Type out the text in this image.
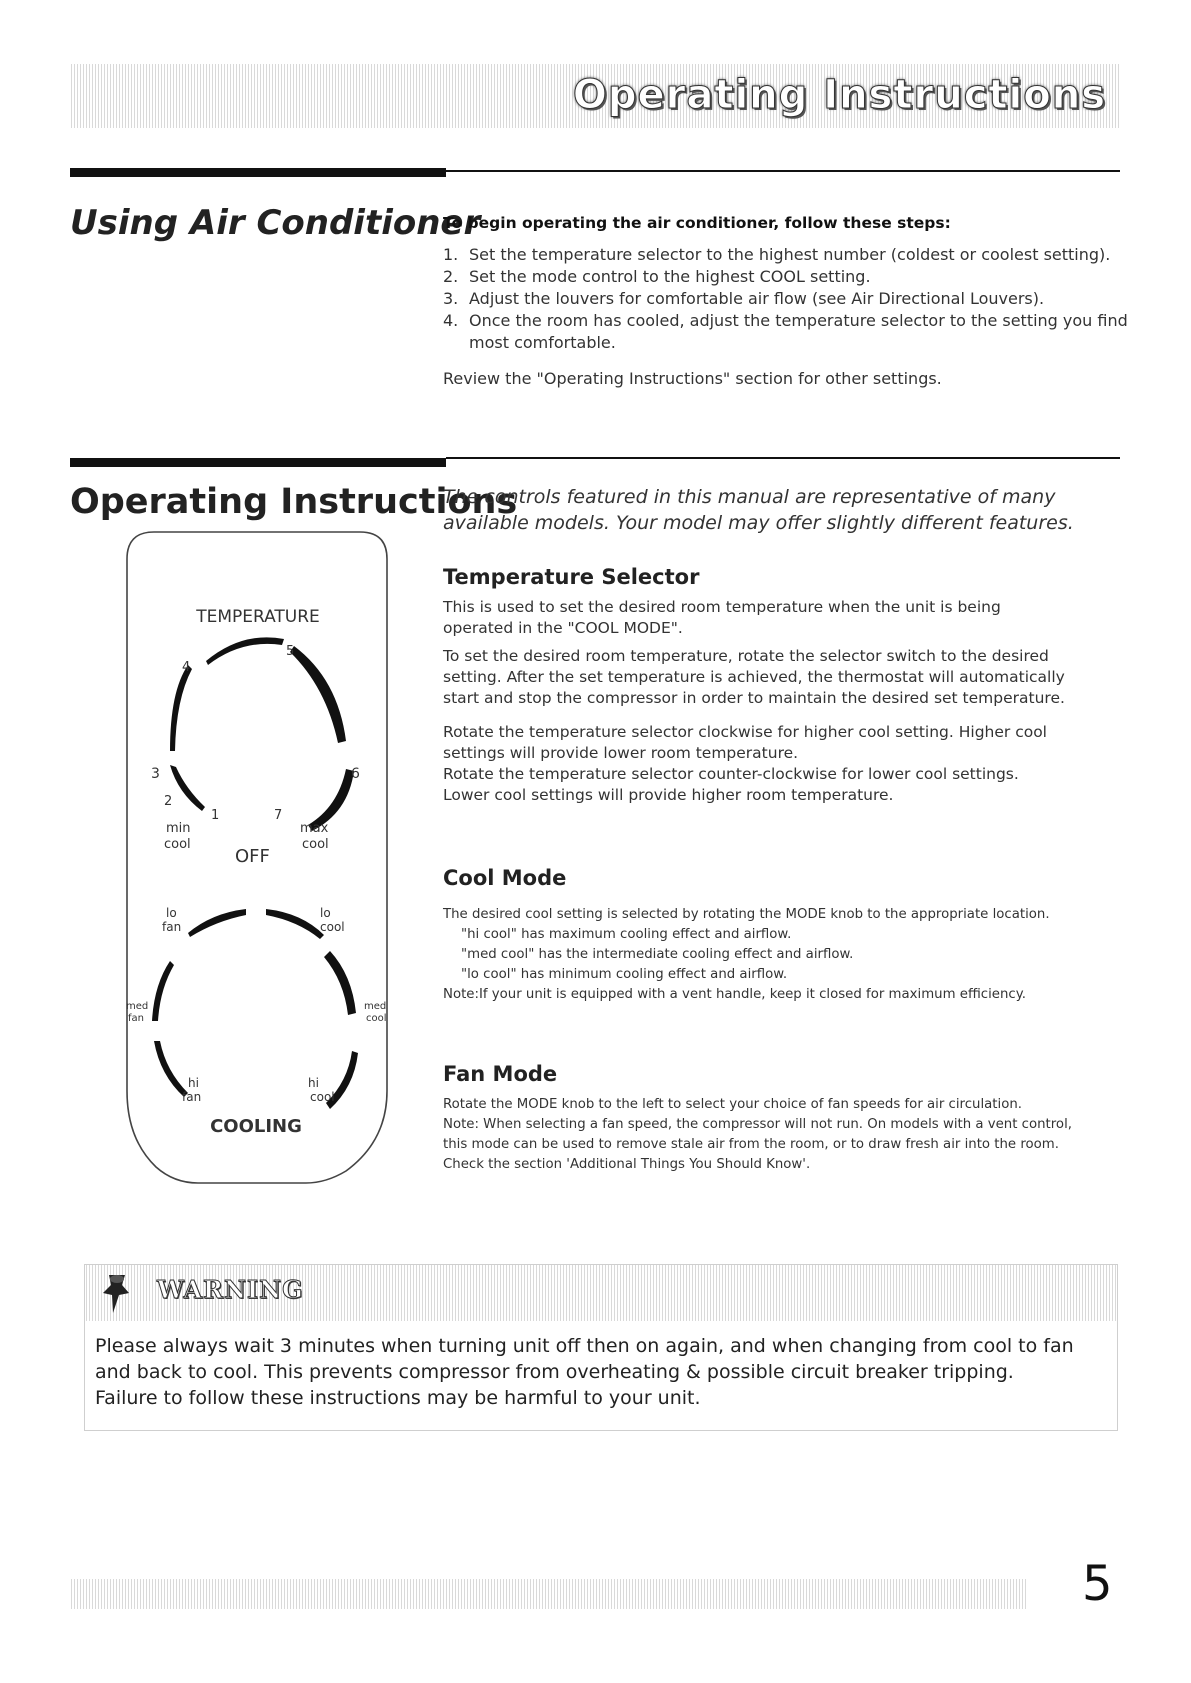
Operating Instructions
Using Air Conditioner
To begin operating the air conditioner, follow these steps:
1. Set the temperature selector to the highest number (coldest or coolest setting).
2. Set the mode control to the highest COOL setting.
3. Adjust the louvers for comfortable air flow (see Air Directional Louvers).
4. Once the room has cooled, adjust the temperature selector to the setting you find most comfortable.
Review the "Operating Instructions" section for other settings.
Operating Instructions
The controls featured in this manual are representative of many available models. Your model may offer slightly different features.
TEMPERATURE
1
2
3
4
5
6
7
min
cool
max
cool
OFF
lo
fan
lo
cool
med
fan
med
cool
hi
fan
hi
cool
COOLING
Temperature Selector

This is used to set the desired room temperature when the unit is being operated in the "COOL MODE".

To set the desired room temperature, rotate the selector switch to the desired setting. After the set temperature is achieved, the thermostat will automatically start and stop the compressor in order to maintain the desired set temperature.

Rotate the temperature selector clockwise for higher cool setting. Higher cool settings will provide lower room temperature.

Rotate the temperature selector counter-clockwise for lower cool settings.

Lower cool settings will provide higher room temperature.

Cool Mode

The desired cool setting is selected by rotating the MODE knob to the appropriate location.

"hi cool" has maximum cooling effect and airflow.

"med cool" has the intermediate cooling effect and airflow.

"lo cool" has minimum cooling effect and airflow.

Note:If your unit is equipped with a vent handle, keep it closed for maximum efficiency.

Fan Mode

Rotate the MODE knob to the left to select your choice of fan speeds for air circulation.

Note: When selecting a fan speed, the compressor will not run. On models with a vent control, this mode can be used to remove stale air from the room, or to draw fresh air into the room. Check the section 'Additional Things You Should Know'.

WARNING

Please always wait 3 minutes when turning unit off then on again, and when changing from cool to fan and back to cool. This prevents compressor from overheating & possible circuit breaker tripping.
Failure to follow these instructions may be harmful to your unit.

5
